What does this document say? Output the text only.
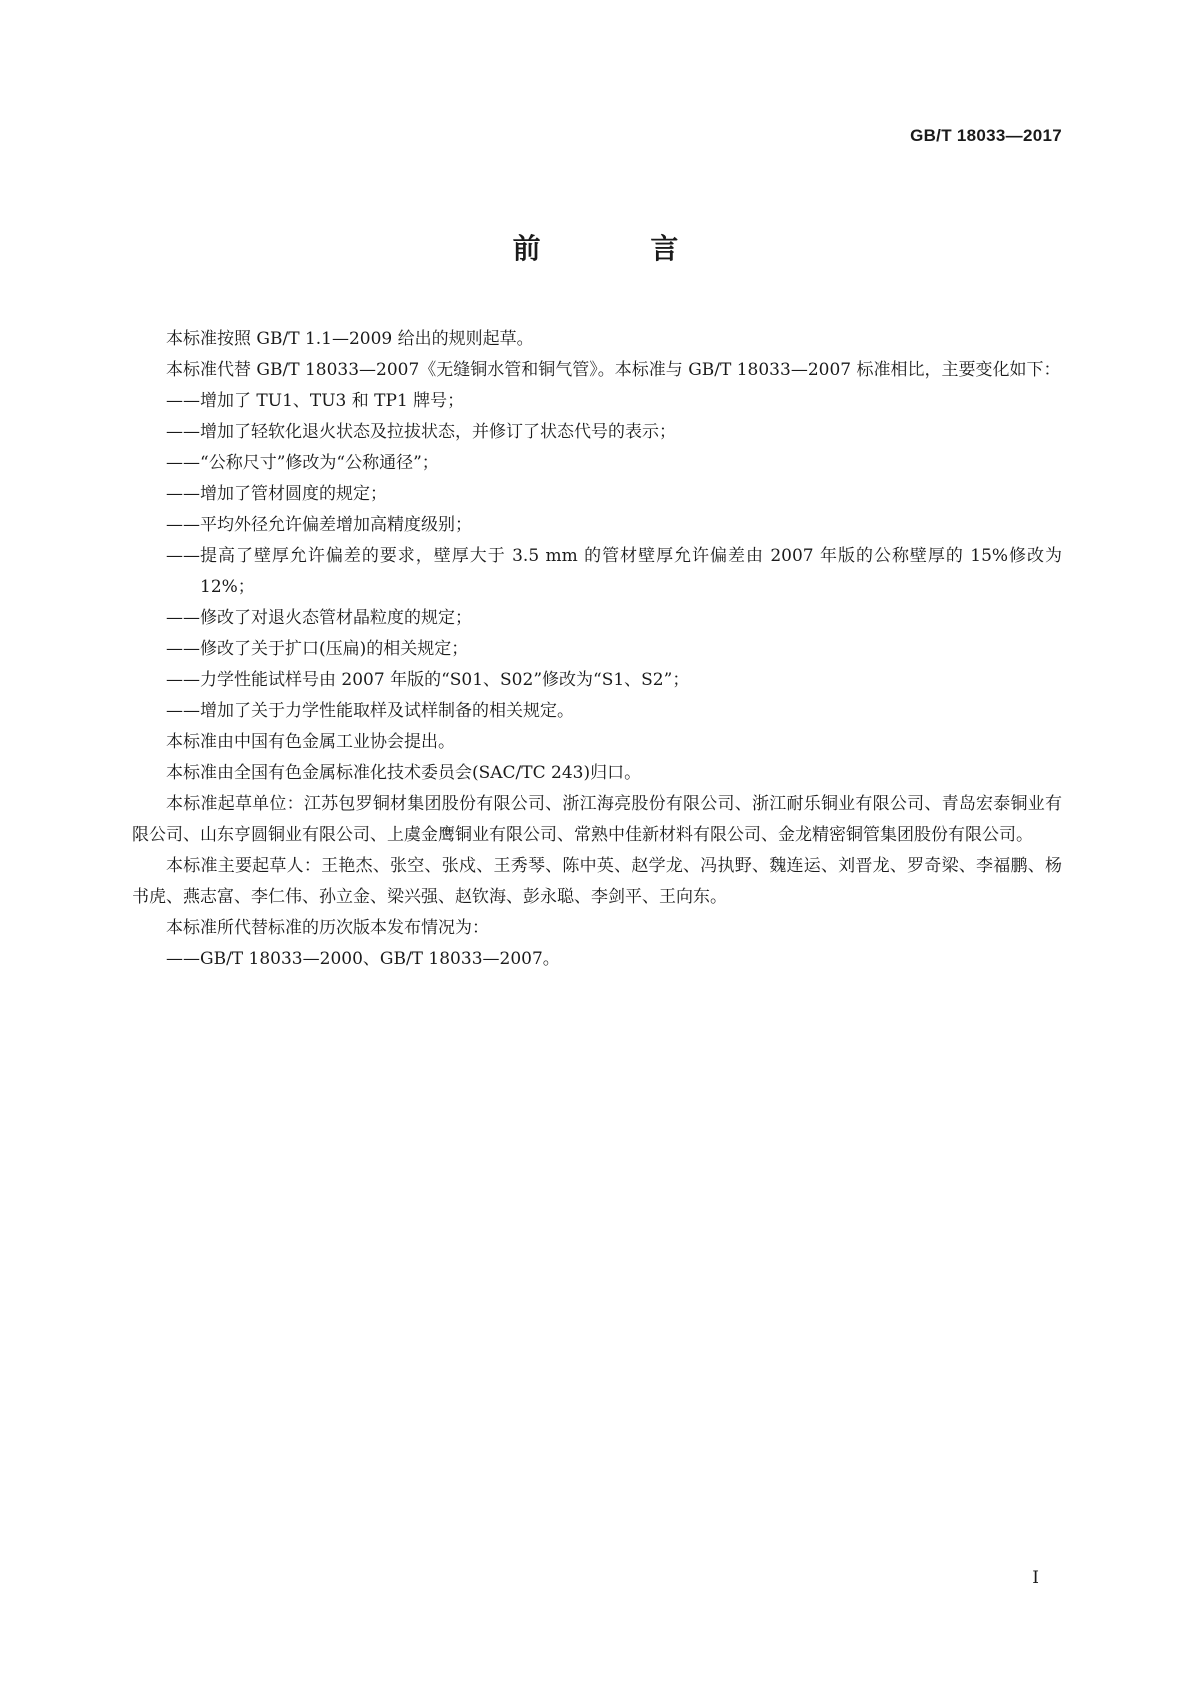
GB/T 18033—2017
前 言

本标准按照 GB/T 1.1—2009 给出的规则起草。

本标准代替 GB/T 18033—2007《无缝铜水管和铜气管》。本标准与 GB/T 18033—2007 标准相比，主要变化如下：

—— 增加了 TU1、TU3 和 TP1 牌号；
—— 增加了轻软化退火状态及拉拔状态，并修订了状态代号的表示；
—— “公称尺寸”修改为“公称通径”；
—— 增加了管材圆度的规定；
—— 平均外径允许偏差增加高精度级别；
—— 提高了壁厚允许偏差的要求，壁厚大于 3.5 mm 的管材壁厚允许偏差由 2007 年版的公称壁厚的 15%修改为 12%；
—— 修改了对退火态管材晶粒度的规定；
—— 修改了关于扩口(压扁)的相关规定；
—— 力学性能试样号由 2007 年版的“S01、S02”修改为“S1、S2”；
—— 增加了关于力学性能取样及试样制备的相关规定。

本标准由中国有色金属工业协会提出。

本标准由全国有色金属标准化技术委员会(SAC/TC 243)归口。

本标准起草单位：江苏包罗铜材集团股份有限公司、浙江海亮股份有限公司、浙江耐乐铜业有限公司、青岛宏泰铜业有限公司、山东亨圆铜业有限公司、上虞金鹰铜业有限公司、常熟中佳新材料有限公司、金龙精密铜管集团股份有限公司。

本标准主要起草人：王艳杰、张空、张戍、王秀琴、陈中英、赵学龙、冯执野、魏连运、刘晋龙、罗奇梁、李福鹏、杨书虎、燕志富、李仁伟、孙立金、梁兴强、赵钦海、彭永聪、李剑平、王向东。

本标准所代替标准的历次版本发布情况为：

—— GB/T 18033—2000、GB/T 18033—2007。
I
